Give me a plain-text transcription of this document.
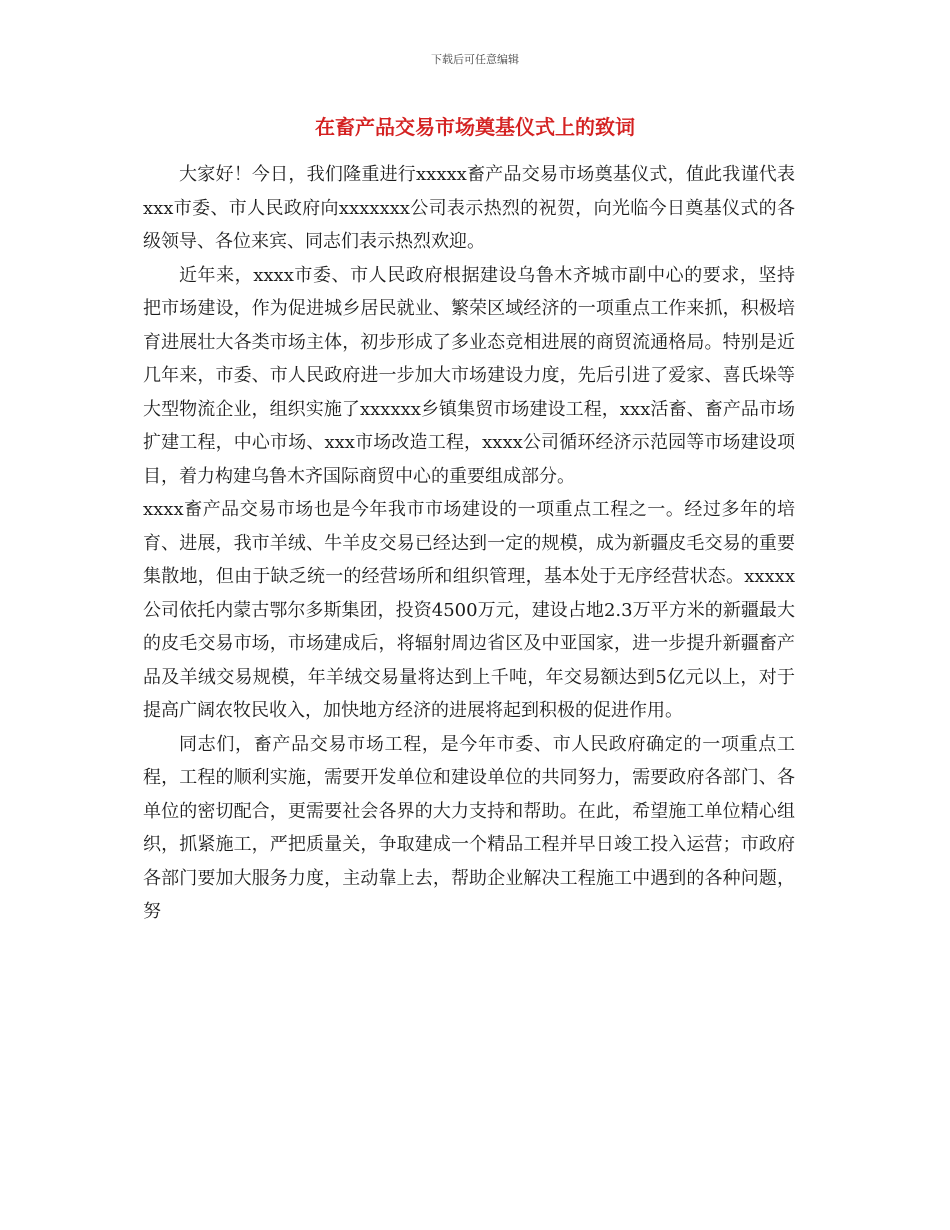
下载后可任意编辑
在畜产品交易市场奠基仪式上的致词

大家好！今日，我们隆重进行xxxxx畜产品交易市场奠基仪式，值此我谨代表xxx市委、市人民政府向xxxxxxx公司表示热烈的祝贺，向光临今日奠基仪式的各级领导、各位来宾、同志们表示热烈欢迎。

近年来，xxxx市委、市人民政府根据建设乌鲁木齐城市副中心的要求，坚持把市场建设，作为促进城乡居民就业、繁荣区域经济的一项重点工作来抓，积极培育进展壮大各类市场主体，初步形成了多业态竞相进展的商贸流通格局。特别是近几年来，市委、市人民政府进一步加大市场建设力度，先后引进了爱家、喜氏垛等大型物流企业，组织实施了xxxxxx乡镇集贸市场建设工程，xxx活畜、畜产品市场扩建工程，中心市场、xxx市场改造工程，xxxx公司循环经济示范园等市场建设项目，着力构建乌鲁木齐国际商贸中心的重要组成部分。

xxxx畜产品交易市场也是今年我市市场建设的一项重点工程之一。经过多年的培育、进展，我市羊绒、牛羊皮交易已经达到一定的规模，成为新疆皮毛交易的重要集散地，但由于缺乏统一的经营场所和组织管理，基本处于无序经营状态。xxxxx公司依托内蒙古鄂尔多斯集团，投资4500万元，建设占地2.3万平方米的新疆最大的皮毛交易市场，市场建成后，将辐射周边省区及中亚国家，进一步提升新疆畜产品及羊绒交易规模，年羊绒交易量将达到上千吨，年交易额达到5亿元以上，对于提高广阔农牧民收入，加快地方经济的进展将起到积极的促进作用。

同志们，畜产品交易市场工程，是今年市委、市人民政府确定的一项重点工程，工程的顺利实施，需要开发单位和建设单位的共同努力，需要政府各部门、各单位的密切配合，更需要社会各界的大力支持和帮助。在此，希望施工单位精心组织，抓紧施工，严把质量关，争取建成一个精品工程并早日竣工投入运营；市政府各部门要加大服务力度，主动靠上去，帮助企业解决工程施工中遇到的各种问题，努
